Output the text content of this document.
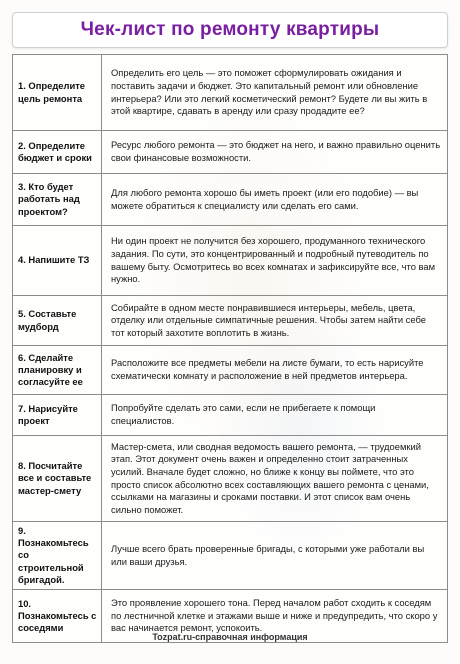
Чек-лист по ремонту квартиры
1. Определите цель ремонта	Определить его цель — это поможет сформулировать ожидания и поставить задачи и бюджет. Это капитальный ремонт или обновление интерьера? Или это легкий косметический ремонт? Будете ли вы жить в этой квартире, сдавать в аренду или сразу продадите ее?
2. Определите бюджет и сроки	Ресурс любого ремонта — это бюджет на него, и важно правильно оценить свои финансовые возможности.
3. Кто будет работать над проектом?	Для любого ремонта хорошо бы иметь проект (или его подобие) — вы можете обратиться к специалисту или сделать его сами.
4. Напишите ТЗ	Ни один проект не получится без хорошего, продуманного технического задания. По сути, это концентрированный и подробный путеводитель по вашему быту. Осмотритесь во всех комнатах и зафиксируйте все, что вам нужно.
5. Составьте мудборд	Собирайте в одном месте понравившиеся интерьеры, мебель, цвета, отделку или отдельные симпатичные решения. Чтобы затем найти себе тот который захотите воплотить в жизнь.
6. Сделайте планировку и согласуйте ее	Расположите все предметы мебели на листе бумаги, то есть нарисуйте схематически комнату и расположение в ней предметов интерьера.
7. Нарисуйте проект	Попробуйте сделать это сами, если не прибегаете к помощи специалистов.
8. Посчитайте все и составьте мастер-смету	Мастер-смета, или сводная ведомость вашего ремонта, — трудоемкий этап. Этот документ очень важен и определенно стоит затраченных усилий. Вначале будет сложно, но ближе к концу вы поймете, что это просто список абсолютно всех составляющих вашего ремонта с ценами, ссылками на магазины и сроками поставки. И этот список вам очень сильно поможет.
9. Познакомьтесь со строительной бригадой.	Лучше всего брать проверенные бригады, с которыми уже работали вы или ваши друзья.
10. Познакомьтесь с соседями	Это проявление хорошего тона. Перед началом работ сходить к соседям по лестничной клетке и этажами выше и ниже и предупредить, что скоро у вас начинается ремонт, успокоить.
Tozpat.ru-справочная информация
